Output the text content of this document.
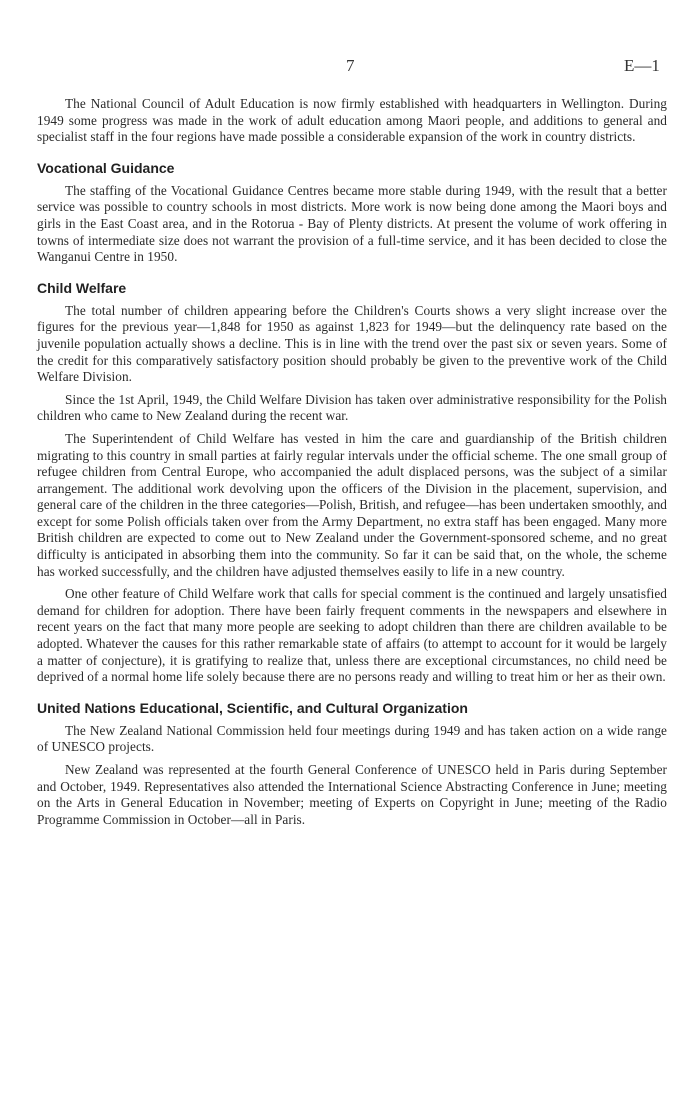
7	E—1

The National Council of Adult Education is now firmly established with headquarters in Wellington. During 1949 some progress was made in the work of adult education among Maori people, and additions to general and specialist staff in the four regions have made possible a considerable expansion of the work in country districts.

Vocational Guidance

The staffing of the Vocational Guidance Centres became more stable during 1949, with the result that a better service was possible to country schools in most districts. More work is now being done among the Maori boys and girls in the East Coast area, and in the Rotorua - Bay of Plenty districts. At present the volume of work offering in towns of intermediate size does not warrant the provision of a full-time service, and it has been decided to close the Wanganui Centre in 1950.

Child Welfare

The total number of children appearing before the Children's Courts shows a very slight increase over the figures for the previous year—1,848 for 1950 as against 1,823 for 1949—but the delinquency rate based on the juvenile population actually shows a decline. This is in line with the trend over the past six or seven years. Some of the credit for this comparatively satisfactory position should probably be given to the preventive work of the Child Welfare Division.

Since the 1st April, 1949, the Child Welfare Division has taken over administrative responsibility for the Polish children who came to New Zealand during the recent war.

The Superintendent of Child Welfare has vested in him the care and guardianship of the British children migrating to this country in small parties at fairly regular intervals under the official scheme. The one small group of refugee children from Central Europe, who accompanied the adult displaced persons, was the subject of a similar arrangement. The additional work devolving upon the officers of the Division in the placement, supervision, and general care of the children in the three categories—Polish, British, and refugee—has been undertaken smoothly, and except for some Polish officials taken over from the Army Department, no extra staff has been engaged. Many more British children are expected to come out to New Zealand under the Government-sponsored scheme, and no great difficulty is anticipated in absorbing them into the community. So far it can be said that, on the whole, the scheme has worked successfully, and the children have adjusted themselves easily to life in a new country.

One other feature of Child Welfare work that calls for special comment is the continued and largely unsatisfied demand for children for adoption. There have been fairly frequent comments in the newspapers and elsewhere in recent years on the fact that many more people are seeking to adopt children than there are children available to be adopted. Whatever the causes for this rather remarkable state of affairs (to attempt to account for it would be largely a matter of conjecture), it is gratifying to realize that, unless there are exceptional circumstances, no child need be deprived of a normal home life solely because there are no persons ready and willing to treat him or her as their own.

United Nations Educational, Scientific, and Cultural Organization

The New Zealand National Commission held four meetings during 1949 and has taken action on a wide range of UNESCO projects.

New Zealand was represented at the fourth General Conference of UNESCO held in Paris during September and October, 1949. Representatives also attended the International Science Abstracting Conference in June; meeting on the Arts in General Education in November; meeting of Experts on Copyright in June; meeting of the Radio Programme Commission in October—all in Paris.
